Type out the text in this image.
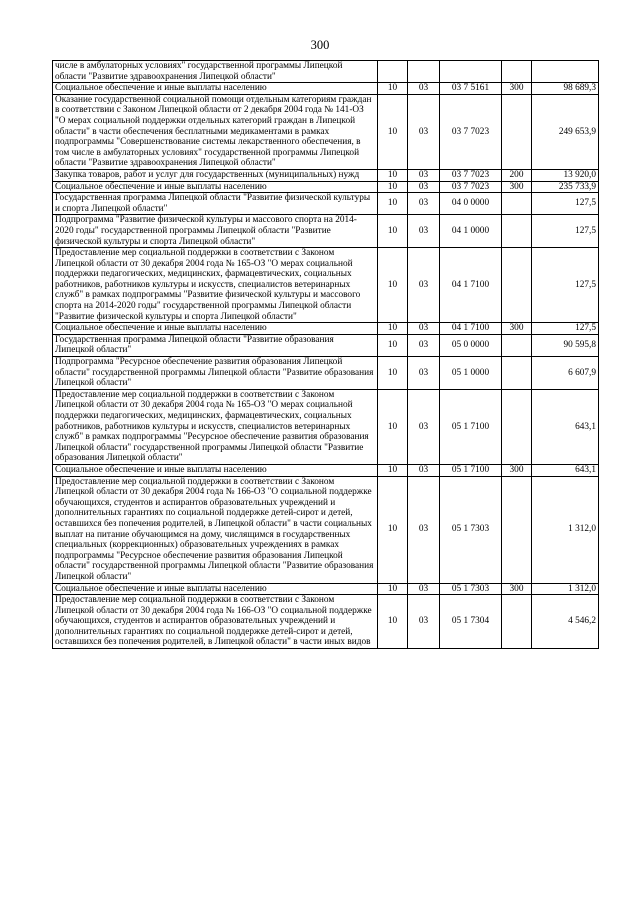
300
числе в амбулаторных условиях" государственной программы Липецкой области "Развитие здравоохранения Липецкой области"					
Социальное обеспечение и иные выплаты населению	10	03	03 7 5161	300	98 689,3
Оказание государственной социальной помощи отдельным категориям граждан в соответствии с Законом Липецкой области от 2 декабря 2004 года № 141-ОЗ "О мерах социальной поддержки отдельных категорий граждан в Липецкой области" в части обеспечения бесплатными медикаментами в рамках подпрограммы "Совершенствование системы лекарственного обеспечения, в том числе в амбулаторных условиях" государственной программы Липецкой области "Развитие здравоохранения Липецкой области"	10	03	03 7 7023		249 653,9
Закупка товаров, работ и услуг для государственных (муниципальных) нужд	10	03	03 7 7023	200	13 920,0
Социальное обеспечение и иные выплаты населению	10	03	03 7 7023	300	235 733,9
Государственная программа Липецкой области "Развитие физической культуры и спорта Липецкой области"	10	03	04 0 0000		127,5
Подпрограмма "Развитие физической культуры и массового спорта на 2014-2020 годы" государственной программы Липецкой области "Развитие физической культуры и спорта Липецкой области"	10	03	04 1 0000		127,5
Предоставление мер социальной поддержки в соответствии с Законом Липецкой области от 30 декабря 2004 года № 165-ОЗ "О мерах социальной поддержки педагогических, медицинских, фармацевтических, социальных работников, работников культуры и искусств, специалистов ветеринарных служб" в рамках подпрограммы "Развитие физической культуры и массового спорта на 2014-2020 годы" государственной программы Липецкой области "Развитие физической культуры и спорта Липецкой области"	10	03	04 1 7100		127,5
Социальное обеспечение и иные выплаты населению	10	03	04 1 7100	300	127,5
Государственная программа Липецкой области "Развитие образования Липецкой области"	10	03	05 0 0000		90 595,8
Подпрограмма "Ресурсное обеспечение развития образования Липецкой области" государственной программы Липецкой области "Развитие образования Липецкой области"	10	03	05 1 0000		6 607,9
Предоставление мер социальной поддержки в соответствии с Законом Липецкой области от 30 декабря 2004 года № 165-ОЗ "О мерах социальной поддержки педагогических, медицинских, фармацевтических, социальных работников, работников культуры и искусств, специалистов ветеринарных служб" в рамках подпрограммы "Ресурсное обеспечение развития образования Липецкой области" государственной программы Липецкой области "Развитие образования Липецкой области"	10	03	05 1 7100		643,1
Социальное обеспечение и иные выплаты населению	10	03	05 1 7100	300	643,1
Предоставление мер социальной поддержки в соответствии с Законом Липецкой области от 30 декабря 2004 года № 166-ОЗ "О социальной поддержке обучающихся, студентов и аспирантов образовательных учреждений и дополнительных гарантиях по социальной поддержке детей-сирот и детей, оставшихся без попечения родителей, в Липецкой области" в части социальных выплат на питание обучающимся на дому, числящимся в государственных специальных (коррекционных) образовательных учреждениях в рамках подпрограммы "Ресурсное обеспечение развития образования Липецкой области" государственной программы Липецкой области "Развитие образования Липецкой области"	10	03	05 1 7303		1 312,0
Социальное обеспечение и иные выплаты населению	10	03	05 1 7303	300	1 312,0
Предоставление мер социальной поддержки в соответствии с Законом Липецкой области от 30 декабря 2004 года № 166-ОЗ "О социальной поддержке обучающихся, студентов и аспирантов образовательных учреждений и дополнительных гарантиях по социальной поддержке детей-сирот и детей, оставшихся без попечения родителей, в Липецкой области" в части иных видов	10	03	05 1 7304		4 546,2
